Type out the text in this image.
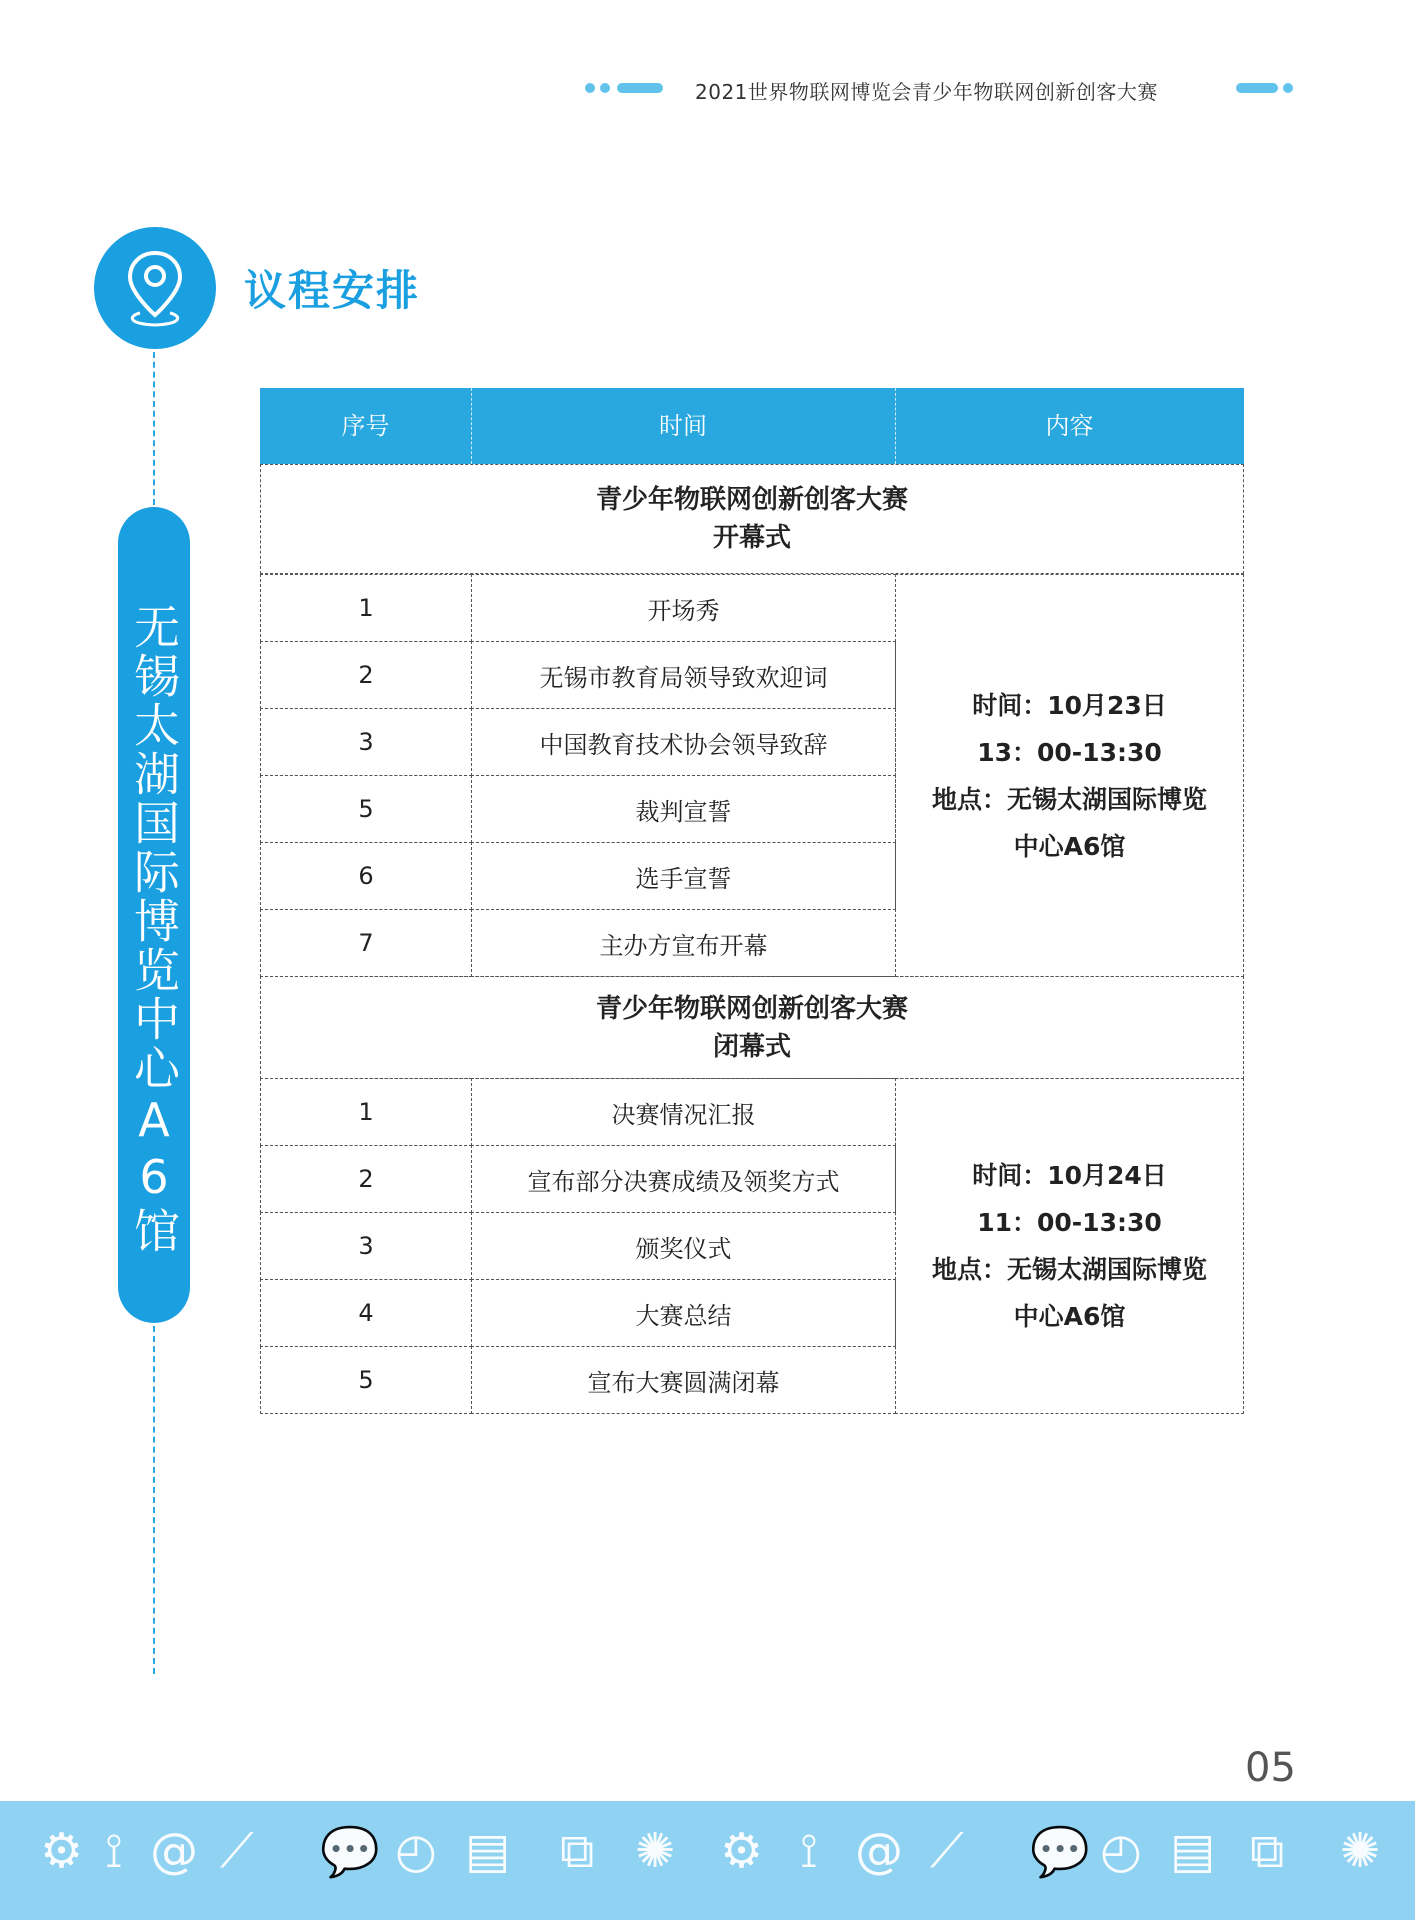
2021世界物联网博览会青少年物联网创新创客大赛
议程安排
无锡太湖国际博览中心A6馆
序号	时间	内容
青少年物联网创新创客大赛
开幕式
1	开场秀
2	无锡市教育局领导致欢迎词
3	中国教育技术协会领导致辞
5	裁判宣誓
6	选手宣誓
7	主办方宣布开幕
时间：10月23日
13：00-13:30
地点：无锡太湖国际博览
中心A6馆
青少年物联网创新创客大赛
闭幕式
1	决赛情况汇报
2	宣布部分决赛成绩及领奖方式
3	颁奖仪式
4	大赛总结
5	宣布大赛圆满闭幕
时间：10月24日
11：00-13:30
地点：无锡太湖国际博览
中心A6馆
05
⚙ ⟟ @ ⟋ 💬 ◴ ▤ ⧉ ✺ ⚙ ⟟ @ ⟋ 💬 ◴ ▤ ⧉ ✺
